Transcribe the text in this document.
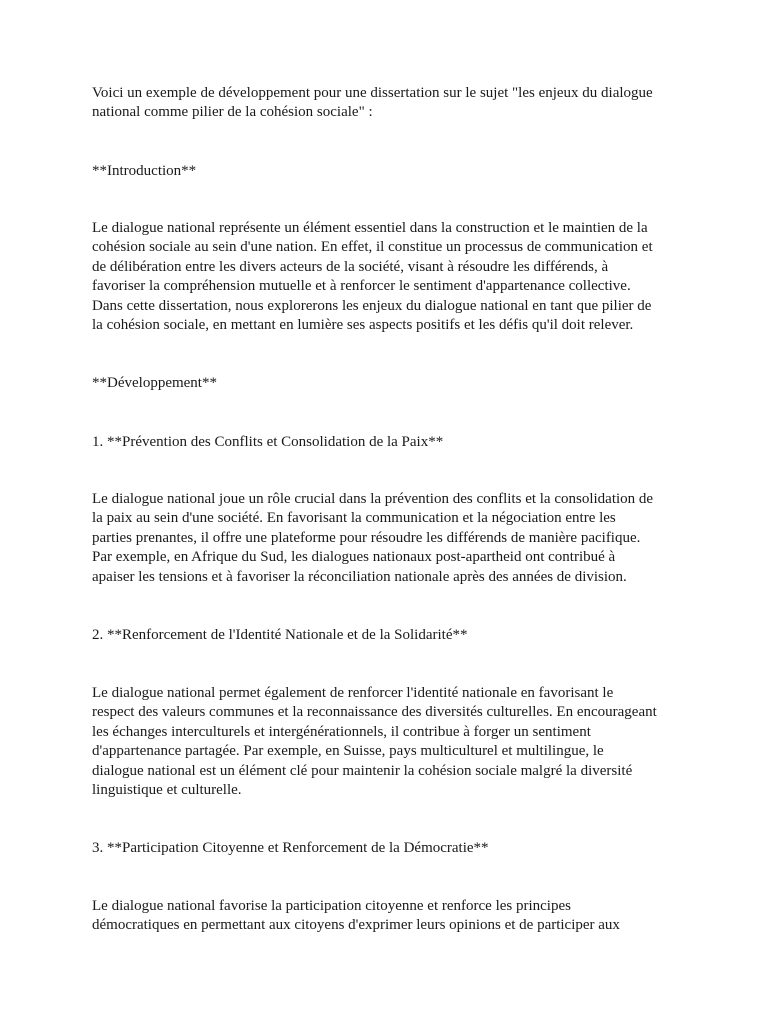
Voici un exemple de développement pour une dissertation sur le sujet "les enjeux du dialogue
national comme pilier de la cohésion sociale" :

**Introduction**

Le dialogue national représente un élément essentiel dans la construction et le maintien de la
cohésion sociale au sein d'une nation. En effet, il constitue un processus de communication et
de délibération entre les divers acteurs de la société, visant à résoudre les différends, à
favoriser la compréhension mutuelle et à renforcer le sentiment d'appartenance collective.
Dans cette dissertation, nous explorerons les enjeux du dialogue national en tant que pilier de
la cohésion sociale, en mettant en lumière ses aspects positifs et les défis qu'il doit relever.

**Développement**

1. **Prévention des Conflits et Consolidation de la Paix**

Le dialogue national joue un rôle crucial dans la prévention des conflits et la consolidation de
la paix au sein d'une société. En favorisant la communication et la négociation entre les
parties prenantes, il offre une plateforme pour résoudre les différends de manière pacifique.
Par exemple, en Afrique du Sud, les dialogues nationaux post-apartheid ont contribué à
apaiser les tensions et à favoriser la réconciliation nationale après des années de division.

2. **Renforcement de l'Identité Nationale et de la Solidarité**

Le dialogue national permet également de renforcer l'identité nationale en favorisant le
respect des valeurs communes et la reconnaissance des diversités culturelles. En encourageant
les échanges interculturels et intergénérationnels, il contribue à forger un sentiment
d'appartenance partagée. Par exemple, en Suisse, pays multiculturel et multilingue, le
dialogue national est un élément clé pour maintenir la cohésion sociale malgré la diversité
linguistique et culturelle.

3. **Participation Citoyenne et Renforcement de la Démocratie**

Le dialogue national favorise la participation citoyenne et renforce les principes
démocratiques en permettant aux citoyens d'exprimer leurs opinions et de participer aux
